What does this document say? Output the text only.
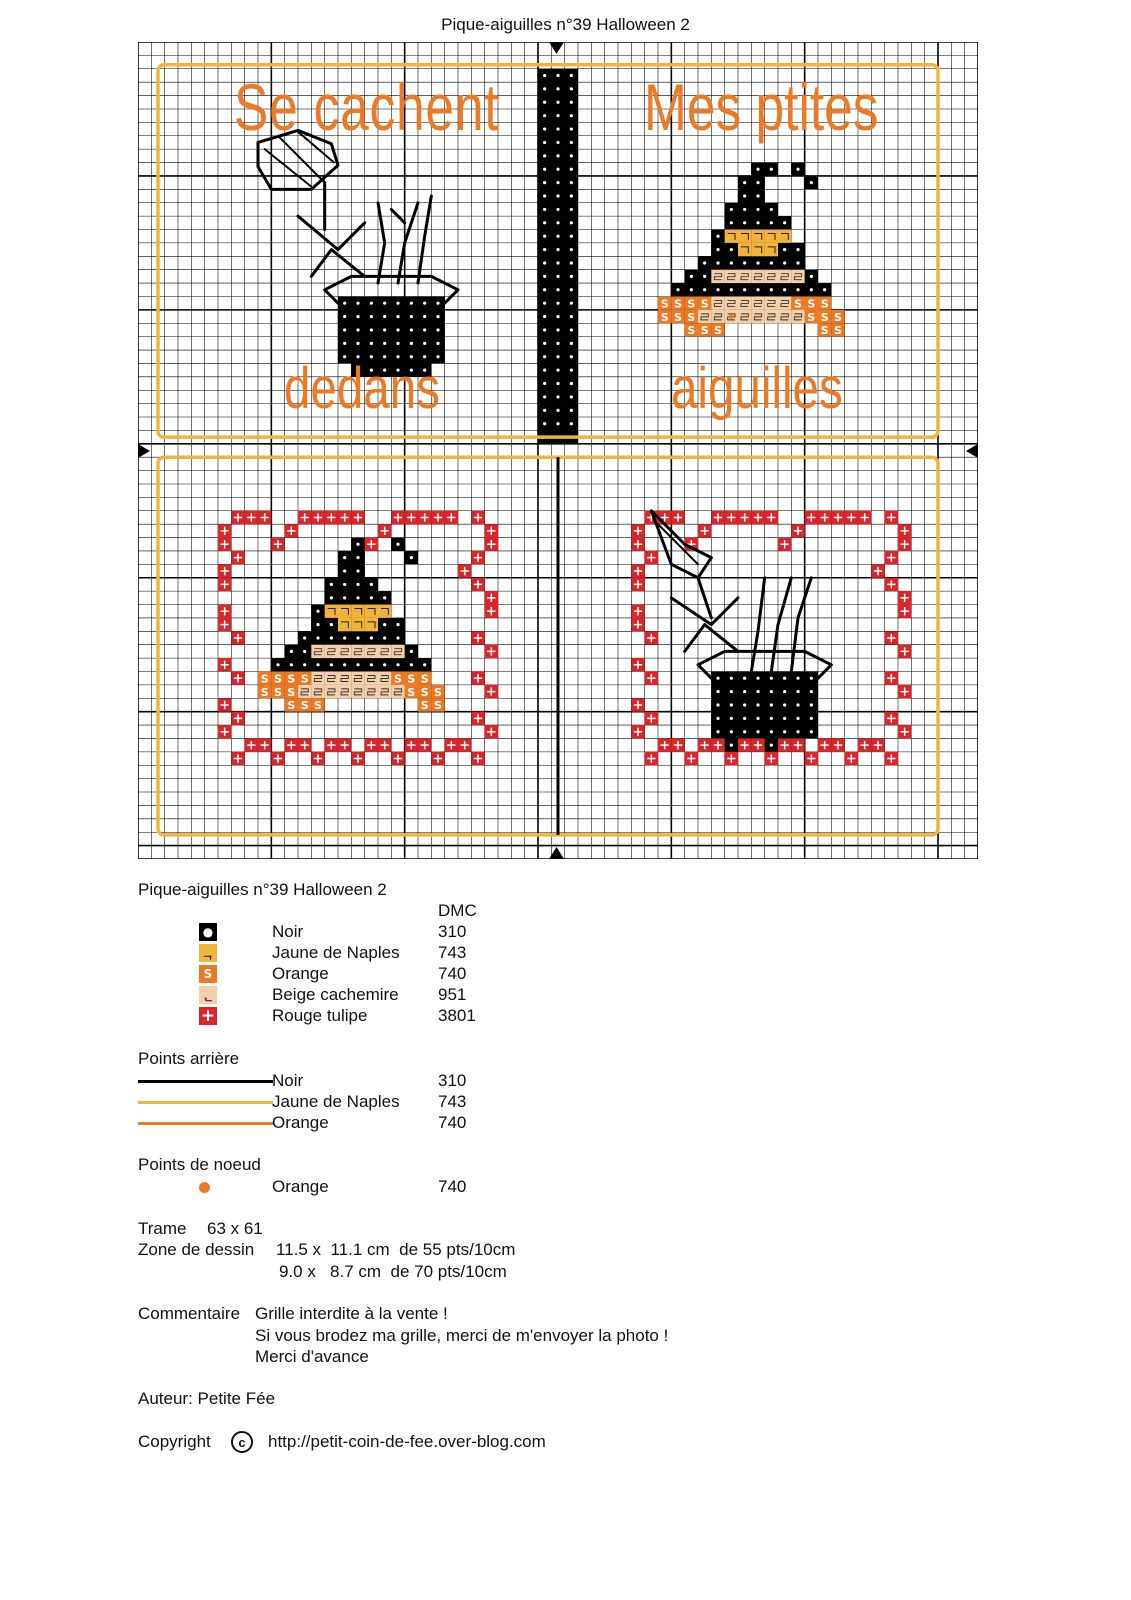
Pique-aiguilles n°39 Halloween 2
S S S S	S S S
S S S	S S S
S S S	S S
S S S S	S S S
S S S	S S S
S S S	S S
Se cachent Mes ptites
dedans	aiguilles
Pique-aiguilles n°39 Halloween 2
DMC
●	Noir	310
ᆨ	Jaune de Naples 743
S	Orange	740
ᆫ	Beige cachemire 951
+	Rouge tulipe	3801
Points arrière
Noir	310
Jaune de Naples 743
Orange	740
Points de noeud
Orange	740
Trame 63 x 61
Zone de dessin 11.5 x  11.1 cm  de 55 pts/10cm
9.0 x   8.7 cm  de 70 pts/10cm
Commentaire Grille interdite à la vente !
Si vous brodez ma grille, merci de m'envoyer la photo !
Merci d'avance
Auteur: Petite Fée
Copyright	c	http://petit-coin-de-fee.over-blog.com
